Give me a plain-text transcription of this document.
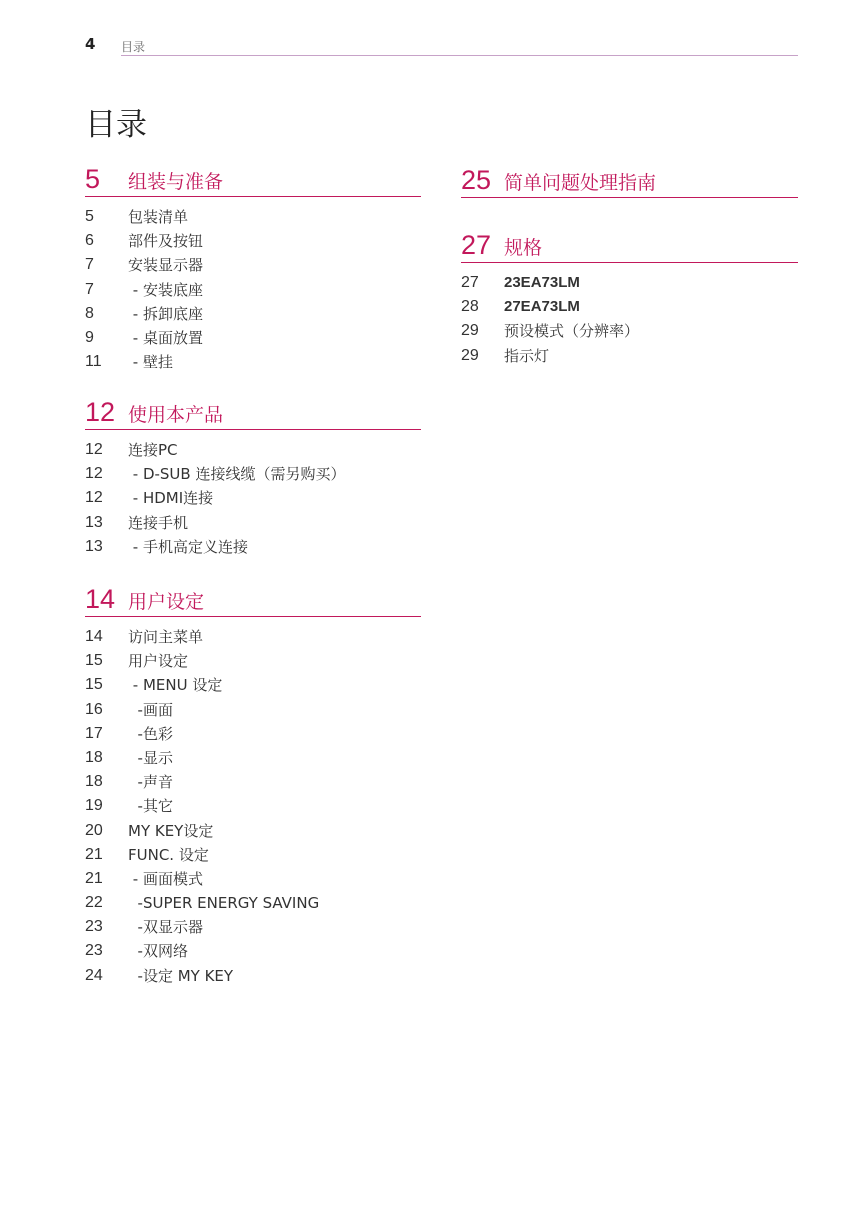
4 目录
目录
5 组装与准备
5 包装清单
6 部件及按钮
7 安装显示器
7 - 安装底座
8 - 拆卸底座
9 - 桌面放置
11 - 壁挂
12 使用本产品
12 连接PC
12 - D-SUB 连接线缆（需另购买）
12 - HDMI连接
13 连接手机
13 - 手机高定义连接
14 用户设定
14 访问主菜单
15 用户设定
15 - MENU 设定
16 -画面
17 -色彩
18 -显示
18 -声音
19 -其它
20 MY KEY设定
21 FUNC. 设定
21 - 画面模式
22 -SUPER ENERGY SAVING
23 -双显示器
23 -双网络
24 -设定 MY KEY
25 简单问题处理指南
27 规格
27 23EA73LM
28 27EA73LM
29 预设模式（分辨率）
29 指示灯
